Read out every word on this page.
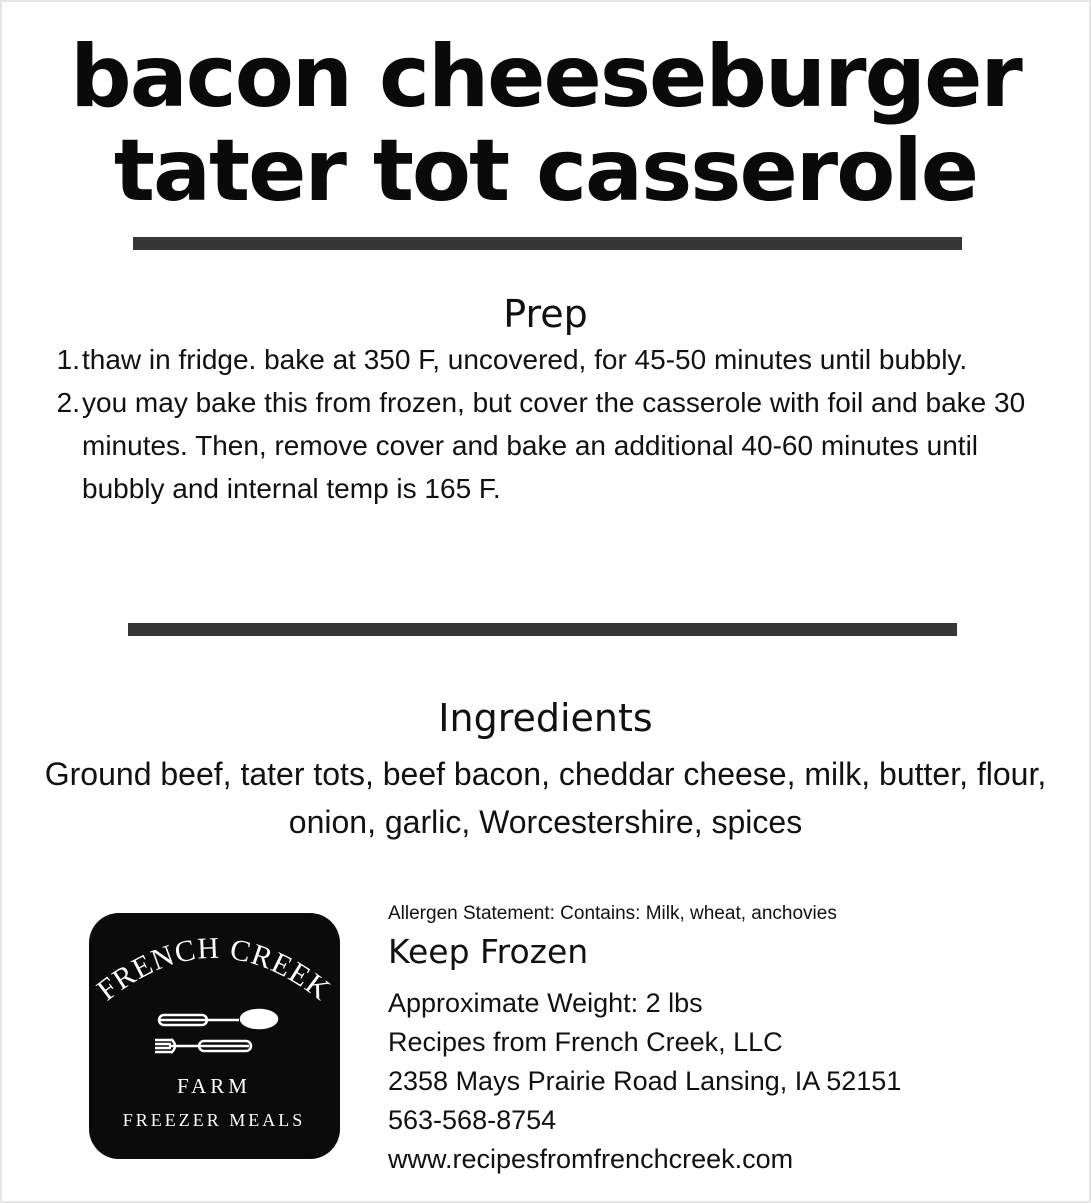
bacon cheeseburger
tater tot casserole
Prep
1. thaw in fridge. bake at 350 F, uncovered, for 45-50 minutes until bubbly.
2. you may bake this from frozen, but cover the casserole with foil and bake 30 minutes. Then, remove cover and bake an additional 40-60 minutes until bubbly and internal temp is 165 F.
Ingredients
Ground beef, tater tots, beef bacon, cheddar cheese, milk, butter, flour, onion, garlic, Worcestershire, spices
FRENCH CREEK
FARM
FREEZER MEALS

Allergen Statement: Contains: Milk, wheat, anchovies

Keep Frozen

Approximate Weight: 2 lbs

Recipes from French Creek, LLC

2358 Mays Prairie Road Lansing, IA 52151

563-568-8754

www.recipesfromfrenchcreek.com
